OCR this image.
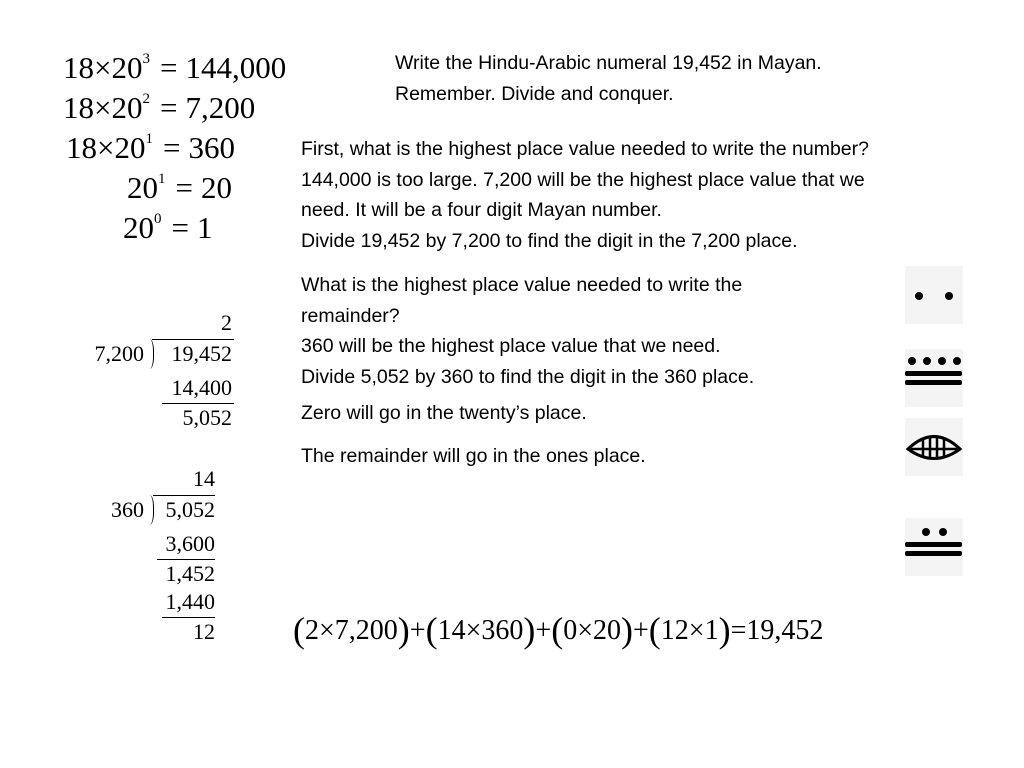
$18\times 20^3 = 144,000$
$18\times 20^2 = 7,200$
$18\times 20^1 = 360$
$20^1 = 20$
$20^0 = 1$
2
7,200	19,452
14,400
5,052
14
360 5,052
3,600
1,452
1,440
12

Write the Hindu-Arabic numeral 19,452 in Mayan.

Remember. Divide and conquer.

First, what is the highest place value needed to write the number?

144,000 is too large. 7,200 will be the highest place value that we

need. It will be a four digit Mayan number.

Divide 19,452 by 7,200 to find the digit in the 7,200 place.

What is the highest place value needed to write the

remainder?

360 will be the highest place value that we need.

Divide 5,052 by 360 to find the digit in the 360 place.

Zero will go in the twenty’s place.
The remainder will go in the ones place.
(2×7,200)+(14×360)+(0×20)+(12×1)=19,452
